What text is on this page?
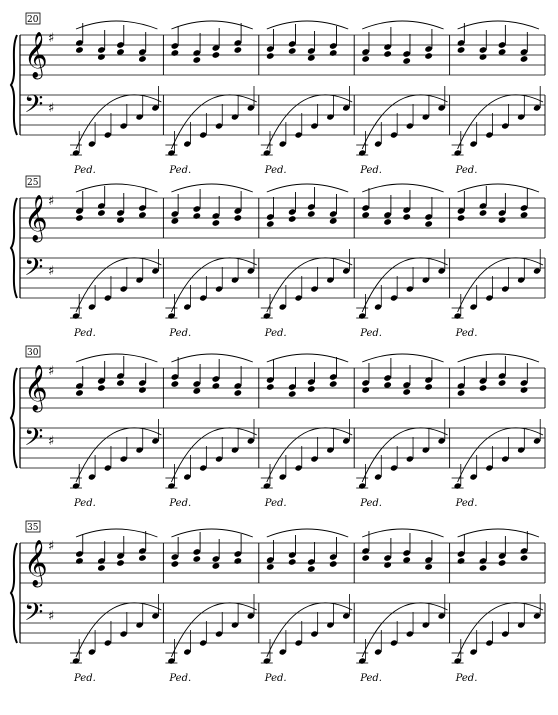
𝄞
𝄢
♯
♯
20
Ped.	Ped.	Ped.	Ped.	Ped.
𝄞
𝄢
♯
♯
25
Ped.	Ped.	Ped.	Ped.	Ped.
𝄞
𝄢
♯
♯
30
Ped.	Ped.	Ped.	Ped.	Ped.
𝄞
𝄢
♯
♯
35
Ped.	Ped.	Ped.	Ped.	Ped.
